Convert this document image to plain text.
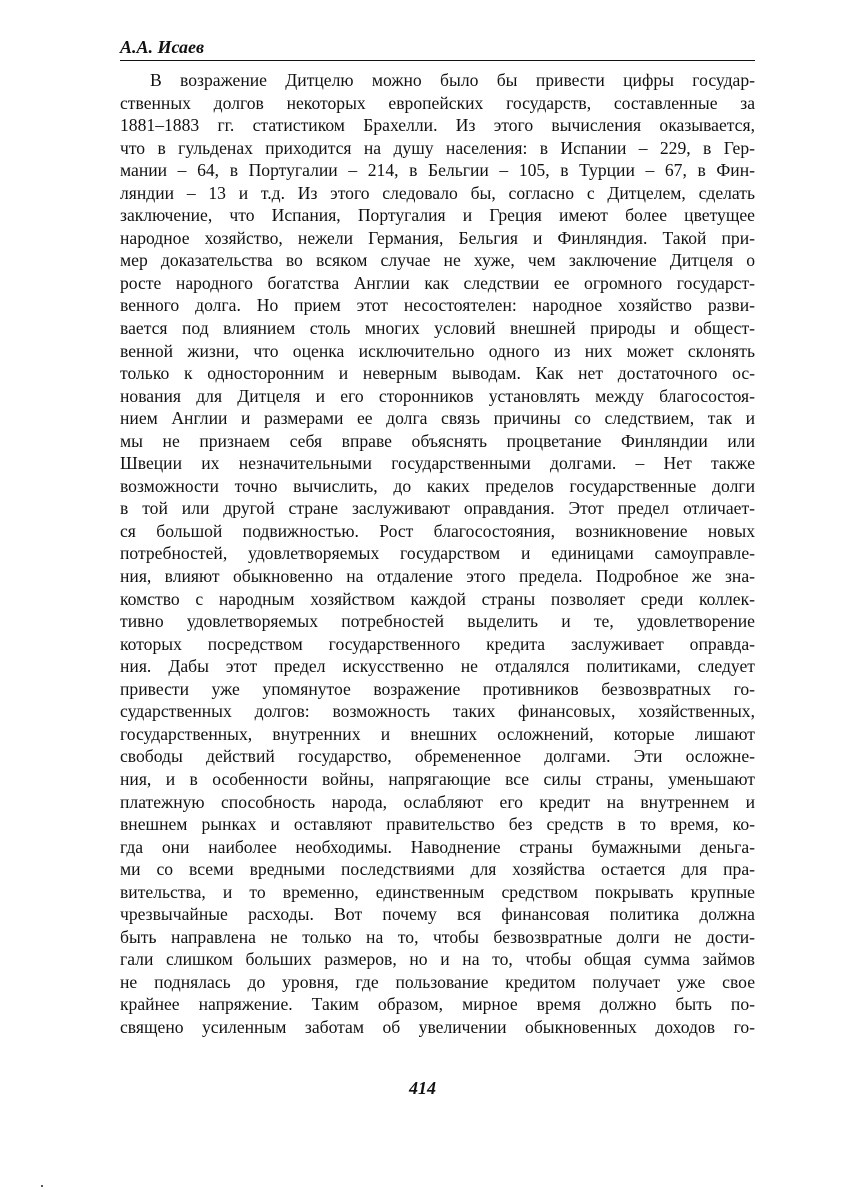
А.А. Исаев
В возражение Дитцелю можно было бы привести цифры государ-
ственных долгов некоторых европейских государств, составленные за
1881–1883 гг. статистиком Брахелли. Из этого вычисления оказывается,
что в гульденах приходится на душу населения: в Испании – 229, в Гер-
мании – 64, в Португалии – 214, в Бельгии – 105, в Турции – 67, в Фин-
ляндии – 13 и т.д. Из этого следовало бы, согласно с Дитцелем, сделать
заключение, что Испания, Португалия и Греция имеют более цветущее
народное хозяйство, нежели Германия, Бельгия и Финляндия. Такой при-
мер доказательства во всяком случае не хуже, чем заключение Дитцеля о
росте народного богатства Англии как следствии ее огромного государст-
венного долга. Но прием этот несостоятелен: народное хозяйство разви-
вается под влиянием столь многих условий внешней природы и общест-
венной жизни, что оценка исключительно одного из них может склонять
только к односторонним и неверным выводам. Как нет достаточного ос-
нования для Дитцеля и его сторонников установлять между благосостоя-
нием Англии и размерами ее долга связь причины со следствием, так и
мы не признаем себя вправе объяснять процветание Финляндии или
Швеции их незначительными государственными долгами. – Нет также
возможности точно вычислить, до каких пределов государственные долги
в той или другой стране заслуживают оправдания. Этот предел отличает-
ся большой подвижностью. Рост благосостояния, возникновение новых
потребностей, удовлетворяемых государством и единицами самоуправле-
ния, влияют обыкновенно на отдаление этого предела. Подробное же зна-
комство с народным хозяйством каждой страны позволяет среди коллек-
тивно удовлетворяемых потребностей выделить и те, удовлетворение
которых посредством государственного кредита заслуживает оправда-
ния. Дабы этот предел искусственно не отдалялся политиками, следует
привести уже упомянутое возражение противников безвозвратных го-
сударственных долгов: возможность таких финансовых, хозяйственных,
государственных, внутренних и внешних осложнений, которые лишают
свободы действий государство, обремененное долгами. Эти осложне-
ния, и в особенности войны, напрягающие все силы страны, уменьшают
платежную способность народа, ослабляют его кредит на внутреннем и
внешнем рынках и оставляют правительство без средств в то время, ко-
гда они наиболее необходимы. Наводнение страны бумажными деньга-
ми со всеми вредными последствиями для хозяйства остается для пра-
вительства, и то временно, единственным средством покрывать крупные
чрезвычайные расходы. Вот почему вся финансовая политика должна
быть направлена не только на то, чтобы безвозвратные долги не дости-
гали слишком больших размеров, но и на то, чтобы общая сумма займов
не поднялась до уровня, где пользование кредитом получает уже свое
крайнее напряжение. Таким образом, мирное время должно быть по-
священо усиленным заботам об увеличении обыкновенных доходов го-
414
